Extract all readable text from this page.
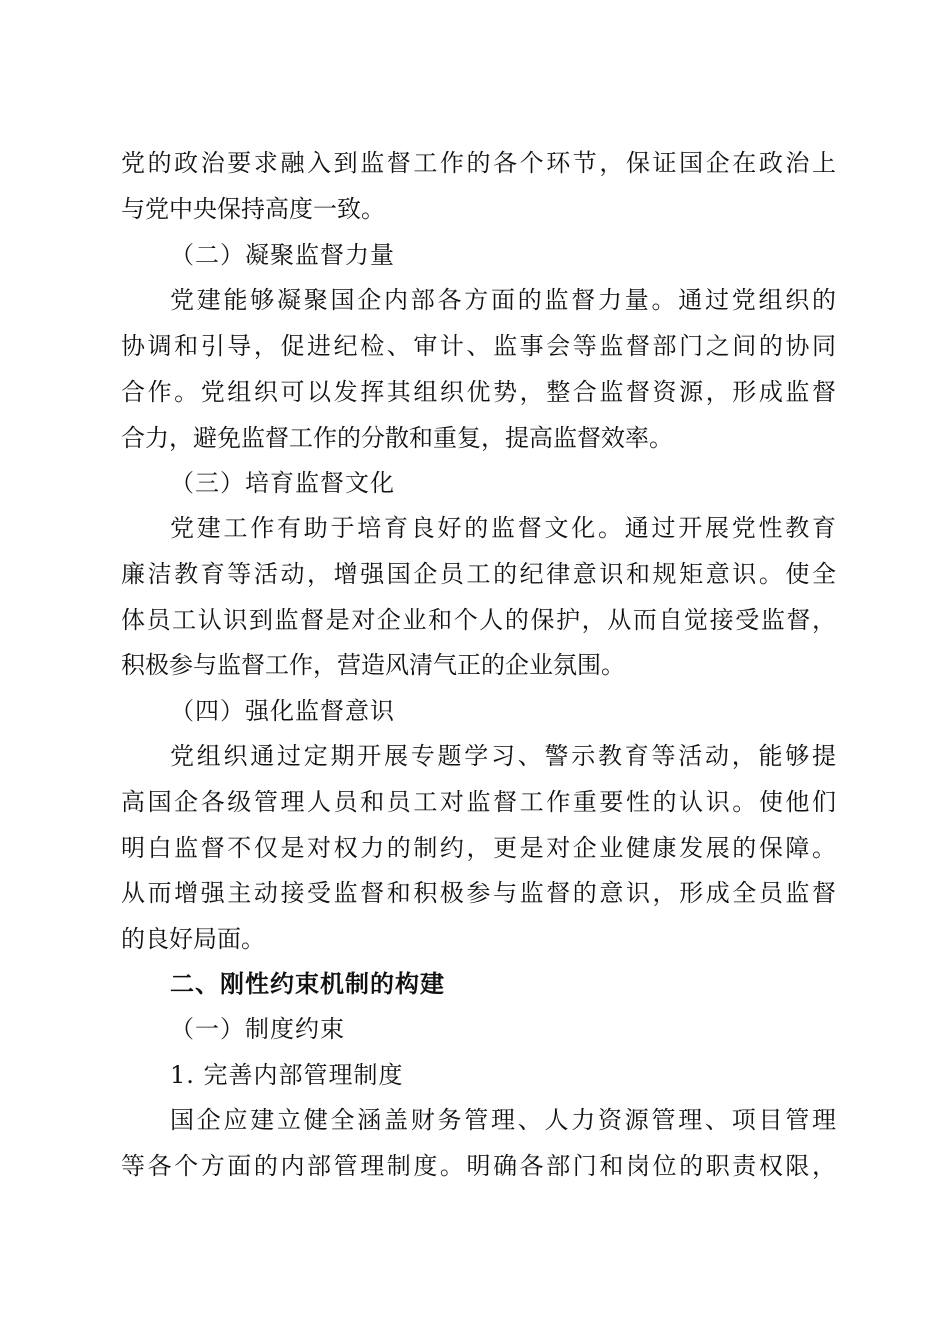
党的政治要求融入到监督工作的各个环节，保证国企在政治上
与党中央保持高度一致。
（二）凝聚监督力量
党建能够凝聚国企内部各方面的监督力量。通过党组织的
协调和引导，促进纪检、审计、监事会等监督部门之间的协同
合作。党组织可以发挥其组织优势，整合监督资源，形成监督
合力，避免监督工作的分散和重复，提高监督效率。
（三）培育监督文化
党建工作有助于培育良好的监督文化。通过开展党性教育
廉洁教育等活动，增强国企员工的纪律意识和规矩意识。使全
体员工认识到监督是对企业和个人的保护，从而自觉接受监督，
积极参与监督工作，营造风清气正的企业氛围。
（四）强化监督意识
党组织通过定期开展专题学习、警示教育等活动，能够提
高国企各级管理人员和员工对监督工作重要性的认识。使他们
明白监督不仅是对权力的制约，更是对企业健康发展的保障。
从而增强主动接受监督和积极参与监督的意识，形成全员监督
的良好局面。
二、刚性约束机制的构建
（一）制度约束
1. 完善内部管理制度
国企应建立健全涵盖财务管理、人力资源管理、项目管理
等各个方面的内部管理制度。明确各部门和岗位的职责权限，
